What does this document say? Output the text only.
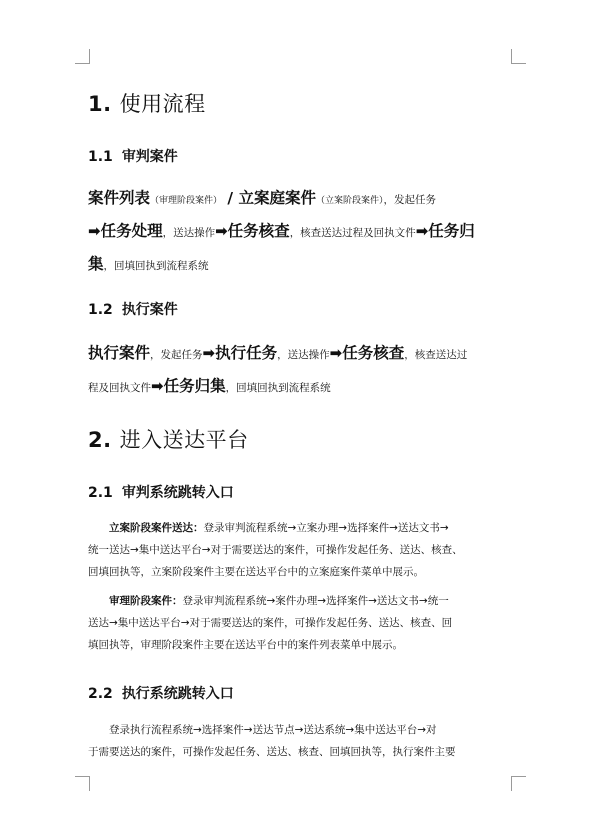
1. 使用流程
1.1 审判案件
案件列表（审理阶段案件） / 立案庭案件（立案阶段案件），发起任务
➡任务处理，送达操作➡任务核查，核查送达过程及回执文件➡任务归
集，回填回执到流程系统
1.2 执行案件
执行案件，发起任务➡执行任务，送达操作➡任务核查，核查送达过
程及回执文件➡任务归集，回填回执到流程系统
2. 进入送达平台
2.1 审判系统跳转入口
立案阶段案件送达：登录审判流程系统→立案办理→选择案件→送达文书→
统一送达→集中送达平台→对于需要送达的案件，可操作发起任务、送达、核查、
回填回执等，立案阶段案件主要在送达平台中的立案庭案件菜单中展示。
审理阶段案件：登录审判流程系统→案件办理→选择案件→送达文书→统一
送达→集中送达平台→对于需要送达的案件，可操作发起任务、送达、核查、回
填回执等，审理阶段案件主要在送达平台中的案件列表菜单中展示。
2.2 执行系统跳转入口
登录执行流程系统→选择案件→送达节点→送达系统→集中送达平台→对
于需要送达的案件，可操作发起任务、送达、核查、回填回执等，执行案件主要
